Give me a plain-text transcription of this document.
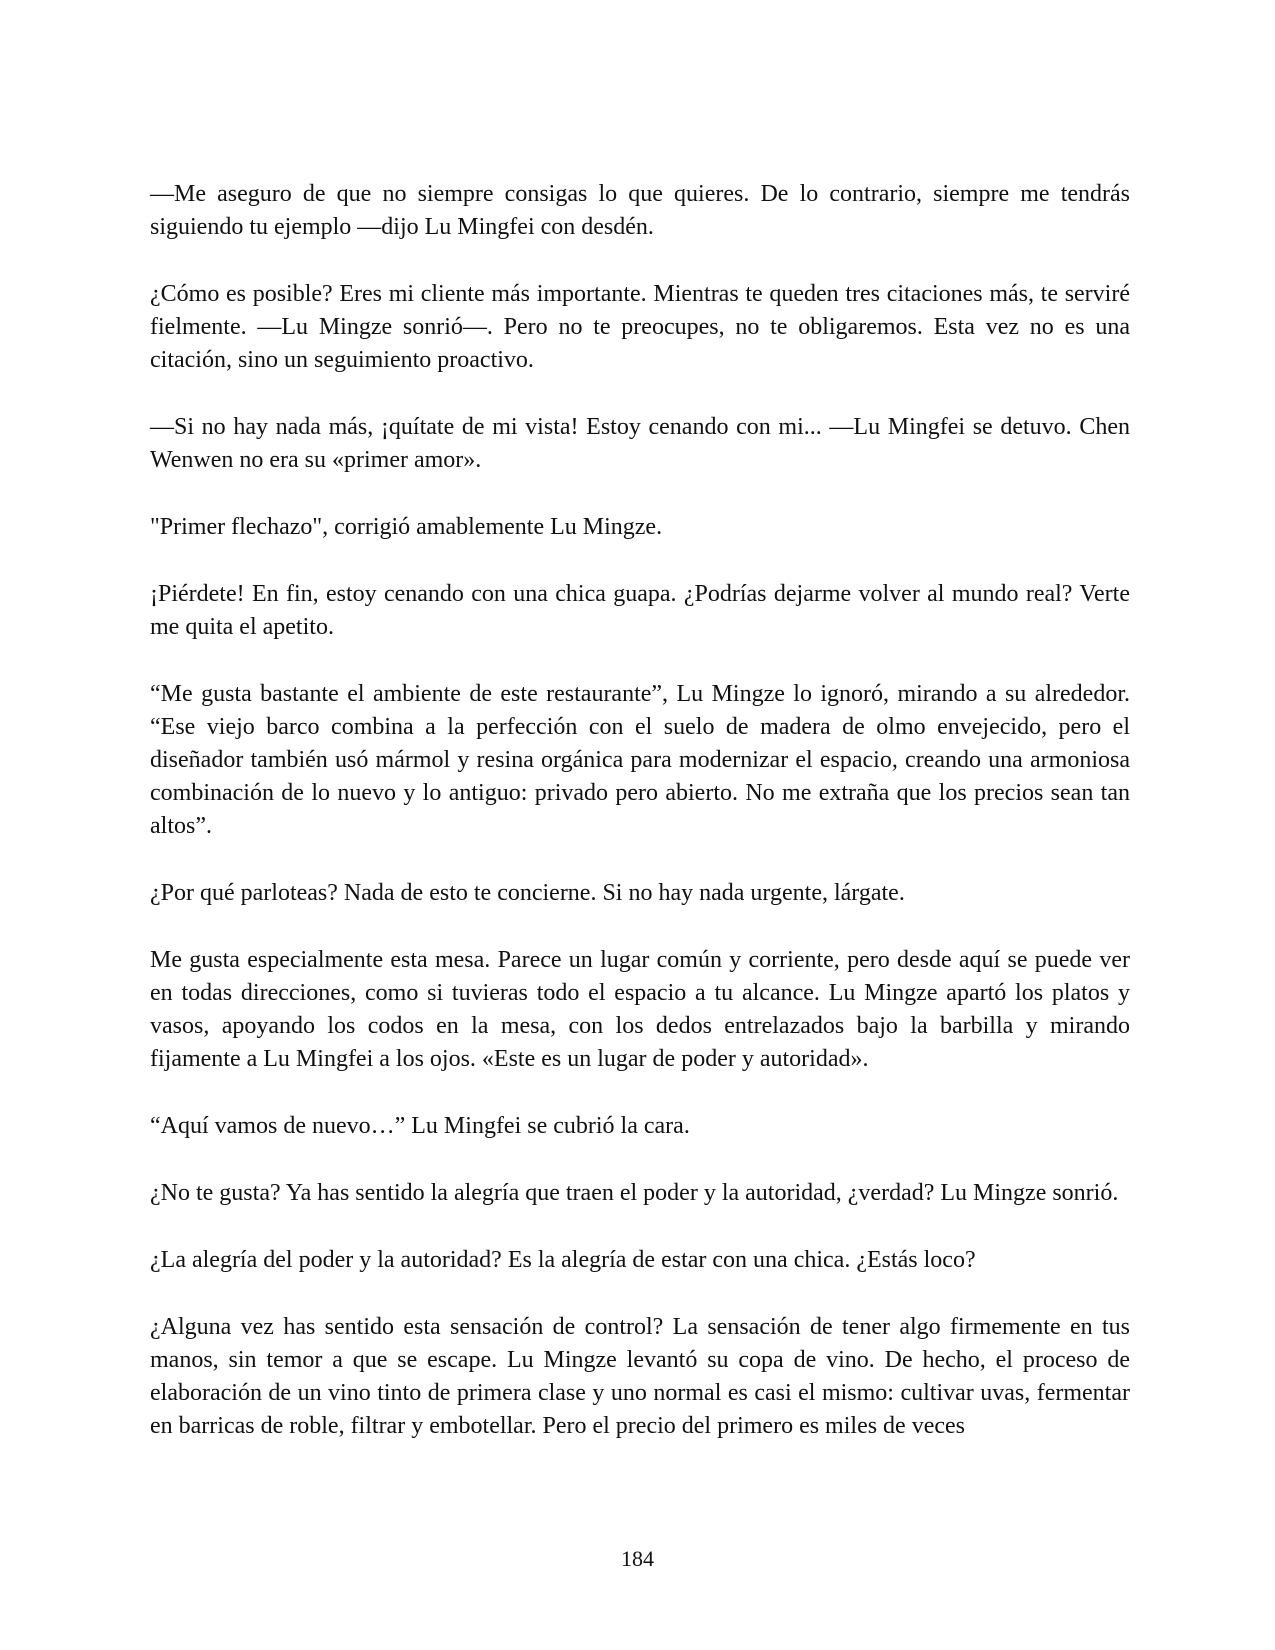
—Me aseguro de que no siempre consigas lo que quieres. De lo contrario, siempre me tendrás siguiendo tu ejemplo —dijo Lu Mingfei con desdén.

¿Cómo es posible? Eres mi cliente más importante. Mientras te queden tres citaciones más, te serviré fielmente. —Lu Mingze sonrió—. Pero no te preocupes, no te obligaremos. Esta vez no es una citación, sino un seguimiento proactivo.

—Si no hay nada más, ¡quítate de mi vista! Estoy cenando con mi... —Lu Mingfei se detuvo. Chen Wenwen no era su «primer amor».

"Primer flechazo", corrigió amablemente Lu Mingze.

¡Piérdete! En fin, estoy cenando con una chica guapa. ¿Podrías dejarme volver al mundo real? Verte me quita el apetito.

“Me gusta bastante el ambiente de este restaurante”, Lu Mingze lo ignoró, mirando a su alrededor. “Ese viejo barco combina a la perfección con el suelo de madera de olmo envejecido, pero el diseñador también usó mármol y resina orgánica para modernizar el espacio, creando una armoniosa combinación de lo nuevo y lo antiguo: privado pero abierto. No me extraña que los precios sean tan altos”.

¿Por qué parloteas? Nada de esto te concierne. Si no hay nada urgente, lárgate.

Me gusta especialmente esta mesa. Parece un lugar común y corriente, pero desde aquí se puede ver en todas direcciones, como si tuvieras todo el espacio a tu alcance. Lu Mingze apartó los platos y vasos, apoyando los codos en la mesa, con los dedos entrelazados bajo la barbilla y mirando fijamente a Lu Mingfei a los ojos. «Este es un lugar de poder y autoridad».

“Aquí vamos de nuevo…” Lu Mingfei se cubrió la cara.

¿No te gusta? Ya has sentido la alegría que traen el poder y la autoridad, ¿verdad? Lu Mingze sonrió.

¿La alegría del poder y la autoridad? Es la alegría de estar con una chica. ¿Estás loco?

¿Alguna vez has sentido esta sensación de control? La sensación de tener algo firmemente en tus manos, sin temor a que se escape. Lu Mingze levantó su copa de vino. De hecho, el proceso de elaboración de un vino tinto de primera clase y uno normal es casi el mismo: cultivar uvas, fermentar en barricas de roble, filtrar y embotellar. Pero el precio del primero es miles de veces

184
